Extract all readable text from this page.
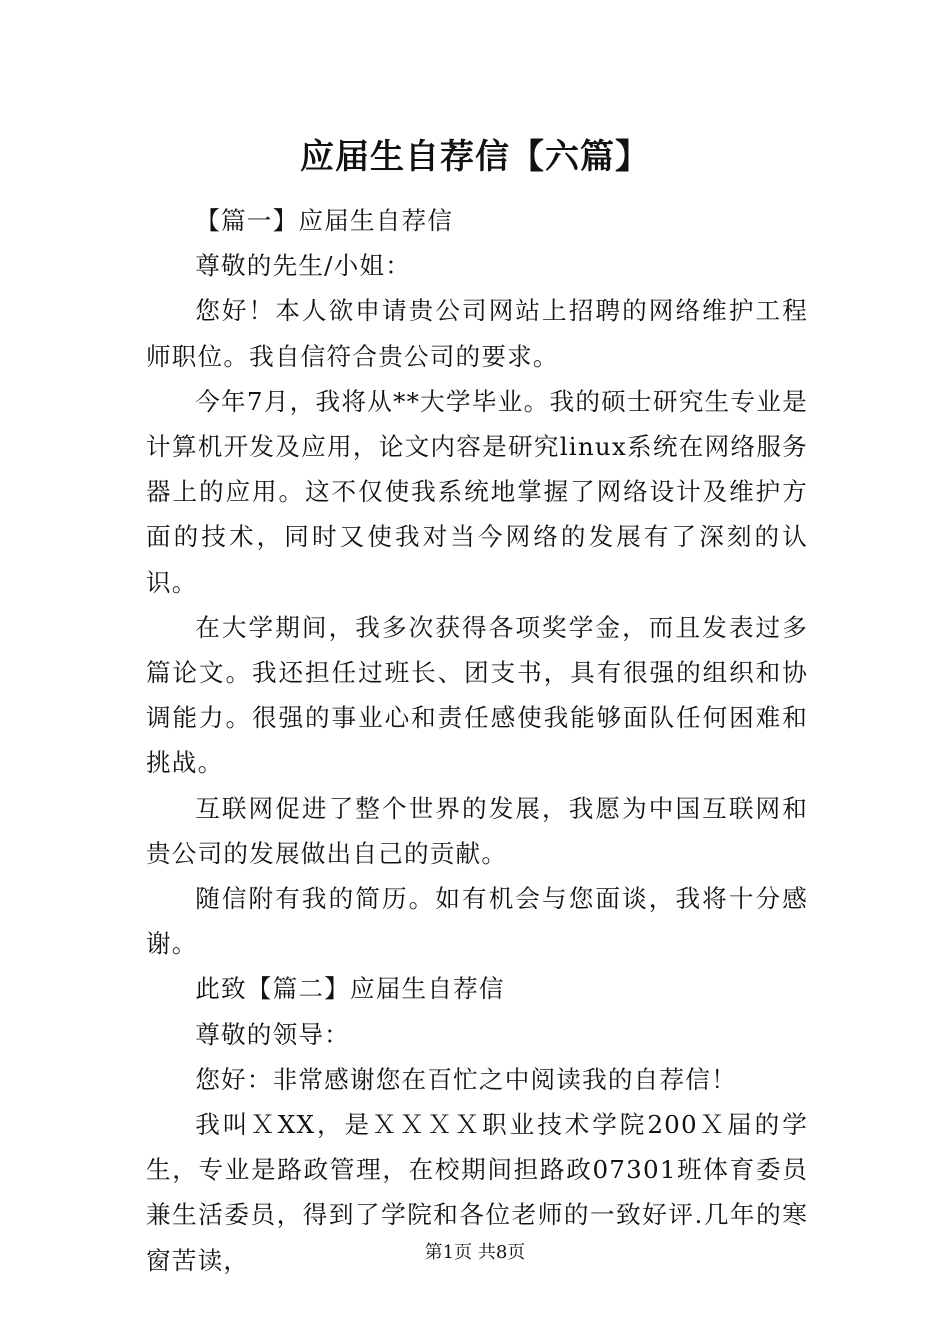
应届生自荐信【六篇】

【篇一】应届生自荐信

尊敬的先生/小姐：

您好！本人欲申请贵公司网站上招聘的网络维护工程师职位。我自信符合贵公司的要求。

今年7月，我将从**大学毕业。我的硕士研究生专业是计算机开发及应用，论文内容是研究linux系统在网络服务器上的应用。这不仅使我系统地掌握了网络设计及维护方面的技术，同时又使我对当今网络的发展有了深刻的认识。

在大学期间，我多次获得各项奖学金，而且发表过多篇论文。我还担任过班长、团支书，具有很强的组织和协调能力。很强的事业心和责任感使我能够面队任何困难和挑战。

互联网促进了整个世界的发展，我愿为中国互联网和贵公司的发展做出自己的贡献。

随信附有我的简历。如有机会与您面谈，我将十分感谢。

此致【篇二】应届生自荐信

尊敬的领导：

您好：非常感谢您在百忙之中阅读我的自荐信！

我叫ＸXX，是ＸＸＸＸ职业技术学院200Ｘ届的学生，专业是路政管理，在校期间担路政07301班体育委员兼生活委员，得到了学院和各位老师的一致好评.几年的寒窗苦读，	第1页 共8页
